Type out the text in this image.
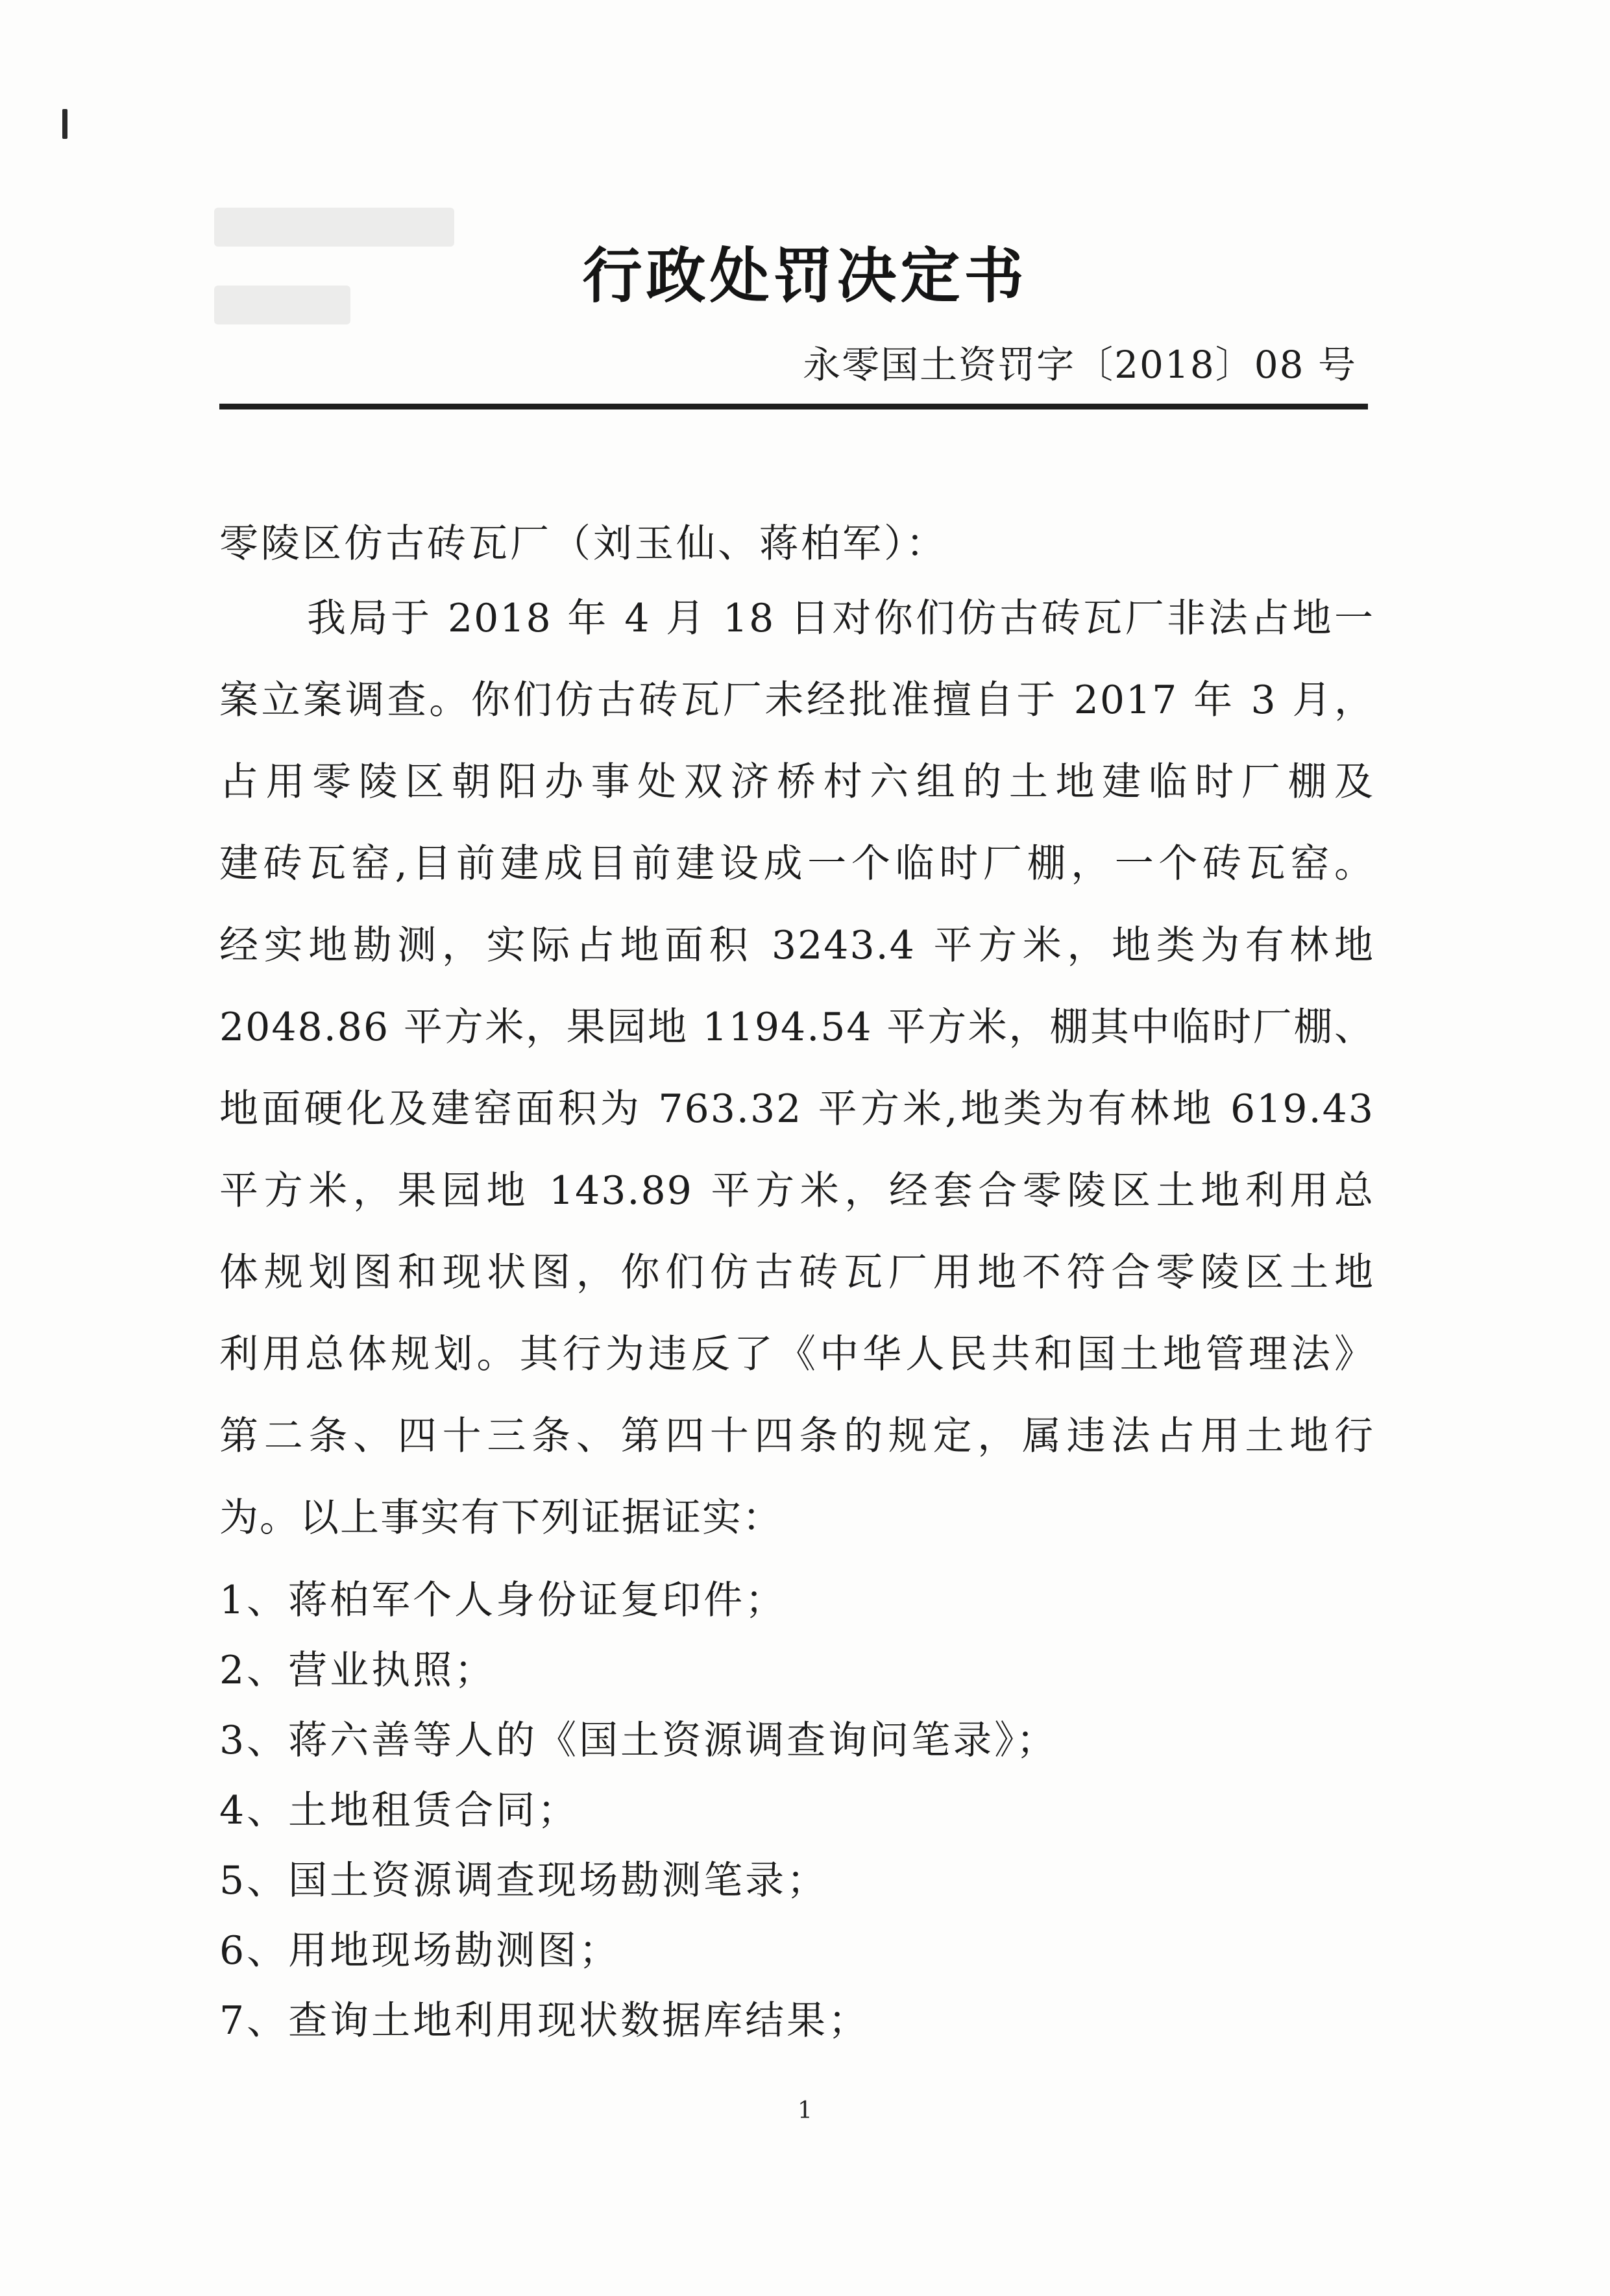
行政处罚决定书
永零国土资罚字〔2018〕08 号
零陵区仿古砖瓦厂（刘玉仙、蒋柏军）：
我局于 2018 年 4 月 18 日对你们仿古砖瓦厂非法占地一
案立案调查。你们仿古砖瓦厂未经批准擅自于 2017 年 3 月，
占用零陵区朝阳办事处双济桥村六组的土地建临时厂棚及
建砖瓦窑,目前建成目前建设成一个临时厂棚，一个砖瓦窑。
经实地勘测，实际占地面积 3243.4 平方米，地类为有林地
2048.86 平方米，果园地 1194.54 平方米，棚其中临时厂棚、
地面硬化及建窑面积为 763.32 平方米,地类为有林地 619.43
平方米，果园地 143.89 平方米，经套合零陵区土地利用总
体规划图和现状图，你们仿古砖瓦厂用地不符合零陵区土地
利用总体规划。其行为违反了《中华人民共和国土地管理法》
第二条、四十三条、第四十四条的规定，属违法占用土地行
为。以上事实有下列证据证实：
1、蒋柏军个人身份证复印件；
2、营业执照；
3、蒋六善等人的《国土资源调查询问笔录》；
4、土地租赁合同；
5、国土资源调查现场勘测笔录；
6、用地现场勘测图；
7、查询土地利用现状数据库结果；
1
